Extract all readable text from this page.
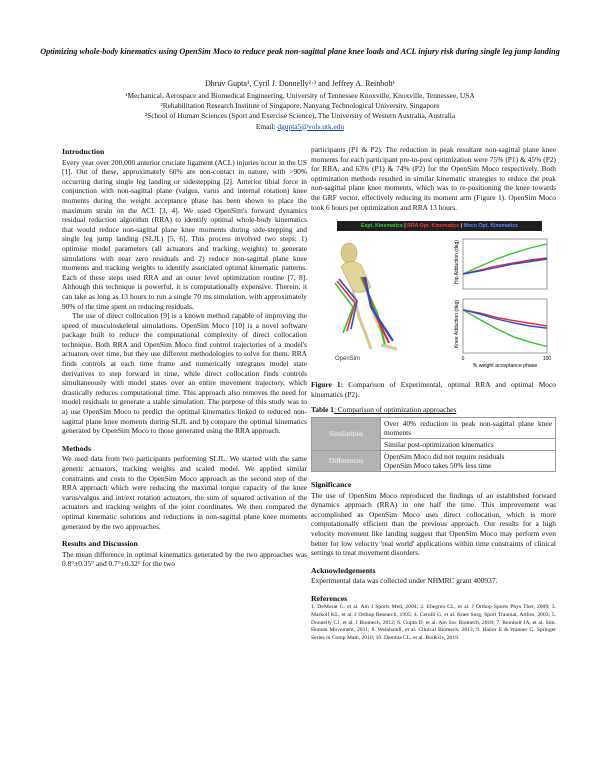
Optimizing whole-body kinematics using OpenSim Moco to reduce peak non-sagittal plane knee loads and ACL injury risk during single leg jump landing
Dhruv Gupta¹, Cyril J. Donnelly²·³ and Jeffrey A. Reinbolt¹
¹Mechanical, Aerospace and Biomedical Engineering, University of Tennessee Knoxville, Knoxville, Tennessee, USA
²Rehabilitation Research Institute of Singapore, Nanyang Technological University, Singapore
³School of Human Sciences (Sport and Exercise Science), The University of Western Australia, Australia
Email: dgupta5@vols.utk.edu
Introduction

Every year over 200,000 anterior cruciate ligament (ACL) injuries occur in the US [1]. Out of these, approximately 60% are non-contact in nature, with >90% occurring during single leg landing or sidestepping [2]. Anterior tibial force in conjunction with non-sagittal plane (valgus, varus and internal rotation) knee moments during the weight acceptance phase has been shown to place the maximum strain on the ACL [3, 4]. We used OpenSim's forward dynamics residual reduction algorithm (RRA) to identify optimal whole-body kinematics that would reduce non-sagittal plane knee moments during side-stepping and single leg jump landing (SLJL) [5, 6]. This process involved two steps: 1) optimise model parameters (all actuators and tracking weights) to generate simulations with near zero residuals and 2) reduce non-sagittal plane knee moments and tracking weights to identify associated optimal kinematic patterns. Each of these steps used RRA and an outer level optimization routine [7, 8]. Although this technique is powerful, it is computationally expensive. Therein, it can take as long as 13 hours to run a single 70 ms simulation, with approximately 90% of the time spent on reducing residuals.

The use of direct collocation [9] is a known method capable of improving the speed of musculoskeletal simulations. OpenSim Moco [10] is a novel software package built to reduce the computational complexity of direct collocation technique. Both RRA and OpenSim Moco find control trajectories of a model's actuators over time, but they use different methodologies to solve for them. RRA finds controls at each time frame and numerically integrates model state derivatives to step forward in time, while direct collocation finds controls simultaneously with model states over an entire movement trajectory, which drastically reduces computational time. This approach also removes the need for model residuals to generate a stable simulation. The purpose of this study was to a) use OpenSim Moco to predict the optimal kinematics linked to reduced non-sagittal plane knee moments during SLJL and b) compare the optimal kinematics generated by OpenSim Moco to those generated using the RRA approach.

Methods

We used data from two participants performing SLJL. We started with the same generic actuators, tracking weights and scaled model. We applied similar constraints and costs to the OpenSim Moco approach as the second step of the RRA approach which were reducing the maximal torque capacity of the knee varus/valgus and int/ext rotation actuators, the sum of squared activation of the actuators and tracking weights of the joint coordinates. We then compared the optimal kinematic solutions and reductions in non-sagittal plane knee moments generated by the two approaches.

Results and Discussion

The mean difference in optimal kinematics generated by the two approaches was 0.8°±0.35° and 0.7°±0.32° for the two

participants (P1 & P2). The reduction in peak resultant non-sagittal plane knee moments for each participant pre-to-post optimization were 75% (P1) & 45% (P2) for RRA, and 63% (P1) & 74% (P2) for the OpenSim Moco respectively. Both optimization methods resulted in similar kinematic strategies to reduce the peak non-sagittal plane knee moments, which was to re-positioning the knee towards the GRF vector, effectively reducing its moment arm (Figure 1). OpenSim Moco took 6 hours per optimization and RRA 13 hours.

Hip Adduction (deg)
Knee Adduction (deg)
0	100
% weight acceptance phase
Expt. Kinematics | RRA Opt. Kinematics | Moco Opt. Kinematics
OpenSim

Figure 1: Comparison of Experimental, optimal RRA and optimal Moco kinematics (P2).

Table 1: Comparison of optimization approaches
Similarities	Over 40% reduction in peak non-sagittal plane knee moments
	Similar post-optimization kinematics
Differences	OpenSim Moco did not require residuals
OpenSim Moco takes 50% less time
Significance

The use of OpenSim Moco reproduced the findings of an established forward dynamics approach (RRA) in one half the time. This improvement was accomplished as OpenSim Moco uses direct collocation, which is more computationally efficient than the previous approach. Our results for a high velocity movement like landing suggest that OpenSim Moco may perform even better for low velocity 'real world' applications within time constraints of clinical settings to treat movement disorders.

Acknowledgements

Experimental data was collected under NHMRC grant 400937.

References

1. DeMorat G. et al. Am J Sports Med, 2004; 2. Ebegren CL, et al. J Orthop Sports Phys Ther, 2009; 3. Markolf KL, et al. J Orthop Research, 1995; 4. Cerulli G, et al. Knee Surg, Sport Traumat, Arthro, 2003; 5. Donnelly CJ, et al. J Biomech, 2012; 6. Gupta D, et al. Am Soc Biomech, 2018; 7. Reinbolt JA, et al. Sim. Human Movement, 2011; 8. Weinhandl, et al. Clinical Biomech, 2013; 9. Hairer E & Wanner G. Springer Series in Comp Math, 2010; 10. Dembia CL, et al. BioRxiv, 2019.
